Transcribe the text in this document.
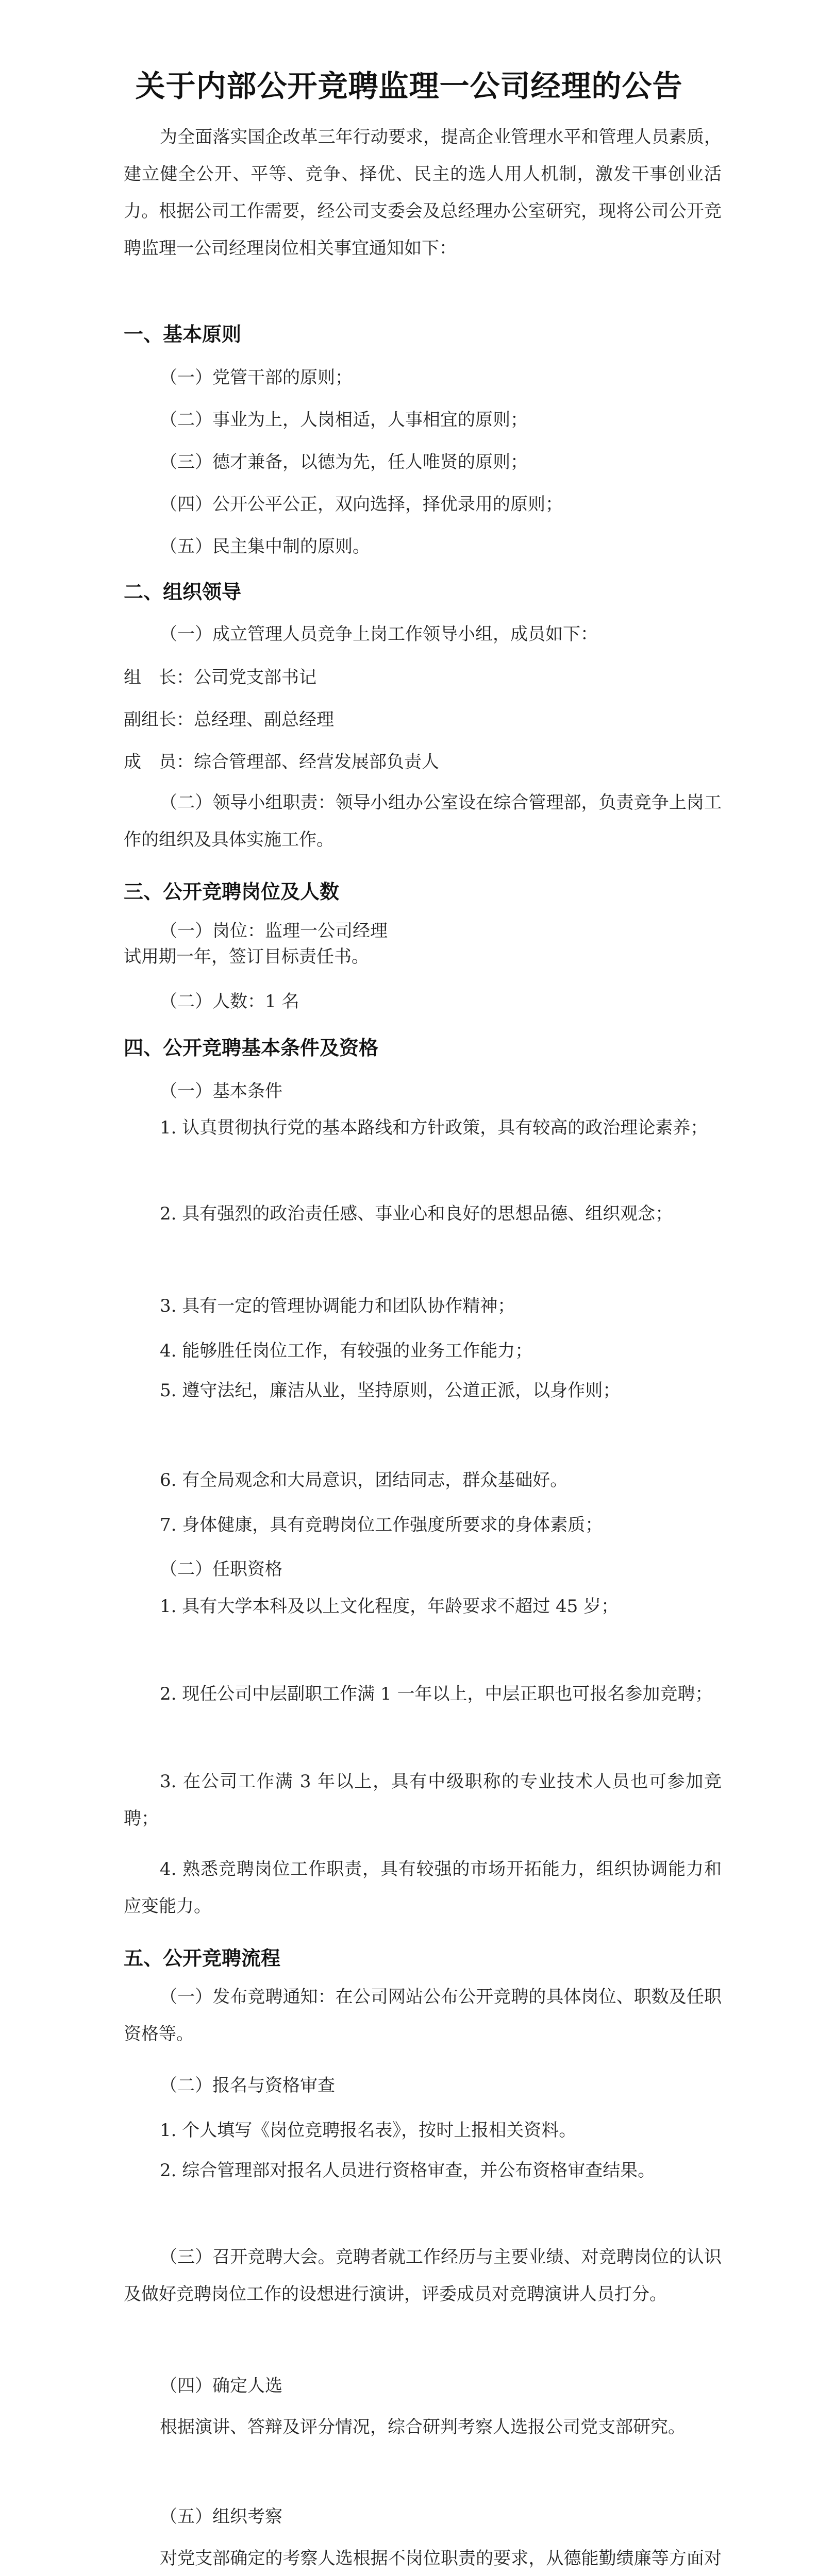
关于内部公开竞聘监理一公司经理的公告

为全面落实国企改革三年行动要求，提高企业管理水平和管理人员素质，建立健全公开、平等、竞争、择优、民主的选人用人机制，激发干事创业活力。根据公司工作需要，经公司支委会及总经理办公室研究，现将公司公开竞聘监理一公司经理岗位相关事宜通知如下：

一、基本原则
（一）党管干部的原则；
（二）事业为上，人岗相适，人事相宜的原则；
（三）德才兼备，以德为先，任人唯贤的原则；
（四）公开公平公正，双向选择，择优录用的原则；
（五）民主集中制的原则。
二、组织领导
（一）成立管理人员竞争上岗工作领导小组，成员如下：
组　长：公司党支部书记
副组长：总经理、副总经理
成　员：综合管理部、经营发展部负责人

（二）领导小组职责：领导小组办公室设在综合管理部，负责竞争上岗工作的组织及具体实施工作。

三、公开竞聘岗位及人数
（一）岗位：监理一公司经理
试用期一年，签订目标责任书。
（二）人数：1 名
四、公开竞聘基本条件及资格
（一）基本条件

1. 认真贯彻执行党的基本路线和方针政策，具有较高的政治理论素养；

2. 具有强烈的政治责任感、事业心和良好的思想品德、组织观念；

3. 具有一定的管理协调能力和团队协作精神；
4. 能够胜任岗位工作，有较强的业务工作能力；

5. 遵守法纪，廉洁从业，坚持原则，公道正派，以身作则；

6. 有全局观念和大局意识，团结同志，群众基础好。
7. 身体健康，具有竞聘岗位工作强度所要求的身体素质；
（二）任职资格

1. 具有大学本科及以上文化程度，年龄要求不超过 45 岁；

2. 现任公司中层副职工作满 1 一年以上，中层正职也可报名参加竞聘；

3. 在公司工作满 3 年以上，具有中级职称的专业技术人员也可参加竞聘；

4. 熟悉竞聘岗位工作职责，具有较强的市场开拓能力，组织协调能力和应变能力。

五、公开竞聘流程

（一）发布竞聘通知：在公司网站公布公开竞聘的具体岗位、职数及任职资格等。

（二）报名与资格审查
1. 个人填写《岗位竞聘报名表》，按时上报相关资料。

2. 综合管理部对报名人员进行资格审查，并公布资格审查结果。

（三）召开竞聘大会。竞聘者就工作经历与主要业绩、对竞聘岗位的认识及做好竞聘岗位工作的设想进行演讲，评委成员对竞聘演讲人员打分。

（四）确定人选

根据演讲、答辩及评分情况，综合研判考察人选报公司党支部研究。

（五）组织考察

对党支部确定的考察人选根据不岗位职责的要求，从德能勤绩廉等方面对
